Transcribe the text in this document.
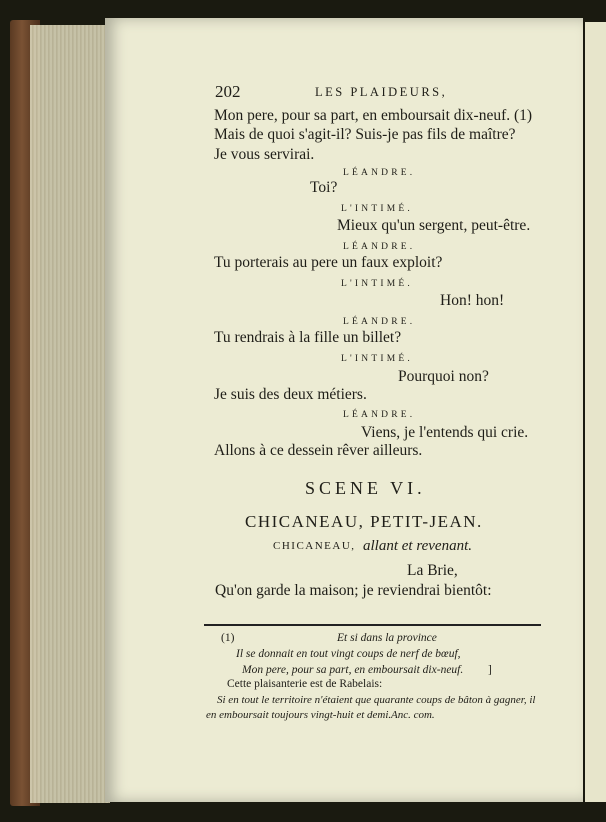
202	LES PLAIDEURS,
Mon pere, pour sa part, en emboursait dix-neuf. (1)
Mais de quoi s'agit-il? Suis-je pas fils de maître?
Je vous servirai.
LÉANDRE.
Toi?
L'INTIMÉ.
Mieux qu'un sergent, peut-être.
LÉANDRE.
Tu porterais au pere un faux exploit?
L'INTIMÉ.
Hon! hon!
LÉANDRE.
Tu rendrais à la fille un billet?
L'INTIMÉ.
Pourquoi non?
Je suis des deux métiers.
LÉANDRE.
Viens, je l'entends qui crie.
Allons à ce dessein rêver ailleurs.
SCENE VI.
CHICANEAU, PETIT-JEAN.
CHICANEAU, allant et revenant.
La Brie,
Qu'on garde la maison; je reviendrai bientôt:
(1)	Et si dans la province
Il se donnait en tout vingt coups de nerf de bœuf,
Mon pere, pour sa part, en emboursait dix-neuf. ]
Cette plaisanterie est de Rabelais:
Si en tout le territoire n'étaient que quarante coups de bâton à gagner, il
en emboursait toujours vingt-huit et demi. Anc. com.
